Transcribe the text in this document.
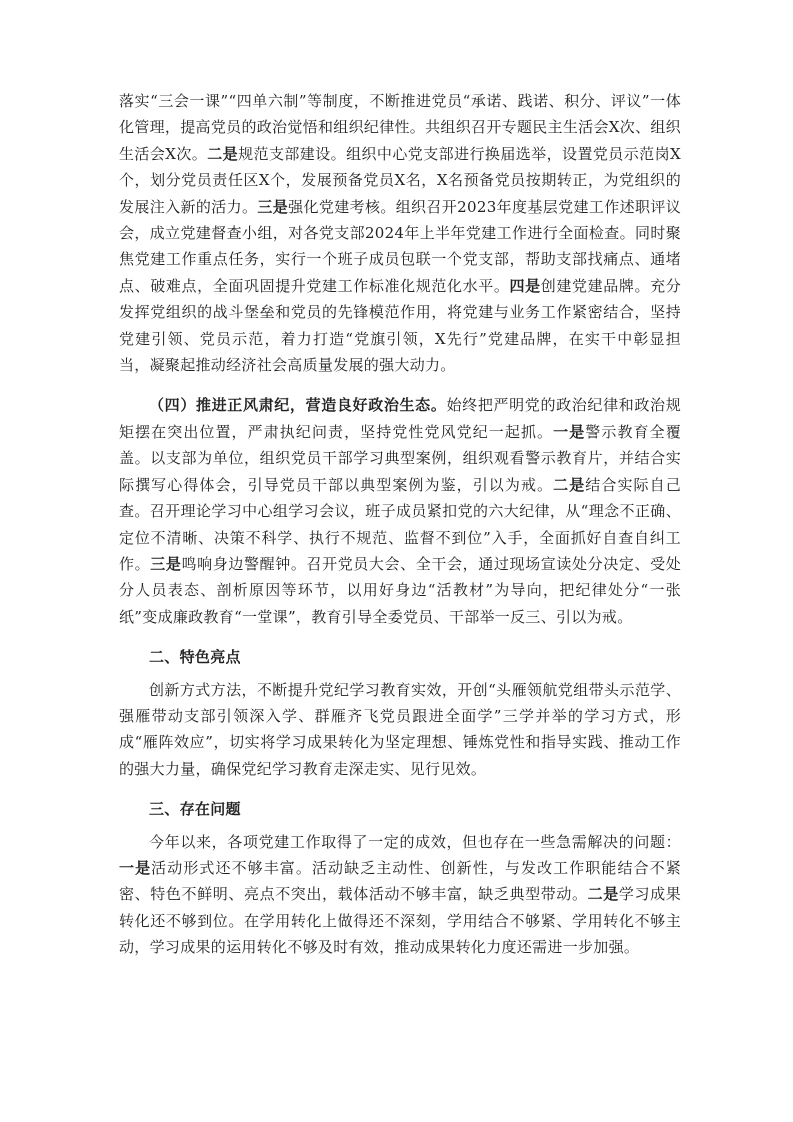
落实“三会一课”“四单六制”等制度，不断推进党员“承诺、践诺、积分、评议”一体化管理，提高党员的政治觉悟和组织纪律性。共组织召开专题民主生活会X次、组织生活会X次。二是规范支部建设。组织中心党支部进行换届选举，设置党员示范岗X个，划分党员责任区X个，发展预备党员X名，X名预备党员按期转正，为党组织的发展注入新的活力。三是强化党建考核。组织召开2023年度基层党建工作述职评议会，成立党建督查小组，对各党支部2024年上半年党建工作进行全面检查。同时聚焦党建工作重点任务，实行一个班子成员包联一个党支部，帮助支部找痛点、通堵点、破难点，全面巩固提升党建工作标准化规范化水平。四是创建党建品牌。充分发挥党组织的战斗堡垒和党员的先锋模范作用，将党建与业务工作紧密结合，坚持党建引领、党员示范，着力打造“党旗引领，X先行”党建品牌，在实干中彰显担当，凝聚起推动经济社会高质量发展的强大动力。

（四）推进正风肃纪，营造良好政治生态。始终把严明党的政治纪律和政治规矩摆在突出位置，严肃执纪问责，坚持党性党风党纪一起抓。一是警示教育全覆盖。以支部为单位，组织党员干部学习典型案例，组织观看警示教育片，并结合实际撰写心得体会，引导党员干部以典型案例为鉴，引以为戒。二是结合实际自己查。召开理论学习中心组学习会议，班子成员紧扣党的六大纪律，从“理念不正确、定位不清晰、决策不科学、执行不规范、监督不到位”入手，全面抓好自查自纠工作。三是鸣响身边警醒钟。召开党员大会、全干会，通过现场宣读处分决定、受处分人员表态、剖析原因等环节，以用好身边“活教材”为导向，把纪律处分“一张纸”变成廉政教育“一堂课”，教育引导全委党员、干部举一反三、引以为戒。

二、特色亮点

创新方式方法，不断提升党纪学习教育实效，开创“头雁领航党组带头示范学、强雁带动支部引领深入学、群雁齐飞党员跟进全面学”三学并举的学习方式，形成“雁阵效应”，切实将学习成果转化为坚定理想、锤炼党性和指导实践、推动工作的强大力量，确保党纪学习教育走深走实、见行见效。

三、存在问题

今年以来，各项党建工作取得了一定的成效，但也存在一些急需解决的问题：一是活动形式还不够丰富。活动缺乏主动性、创新性，与发改工作职能结合不紧密、特色不鲜明、亮点不突出，载体活动不够丰富，缺乏典型带动。二是学习成果转化还不够到位。在学用转化上做得还不深刻，学用结合不够紧、学用转化不够主动，学习成果的运用转化不够及时有效，推动成果转化力度还需进一步加强。
